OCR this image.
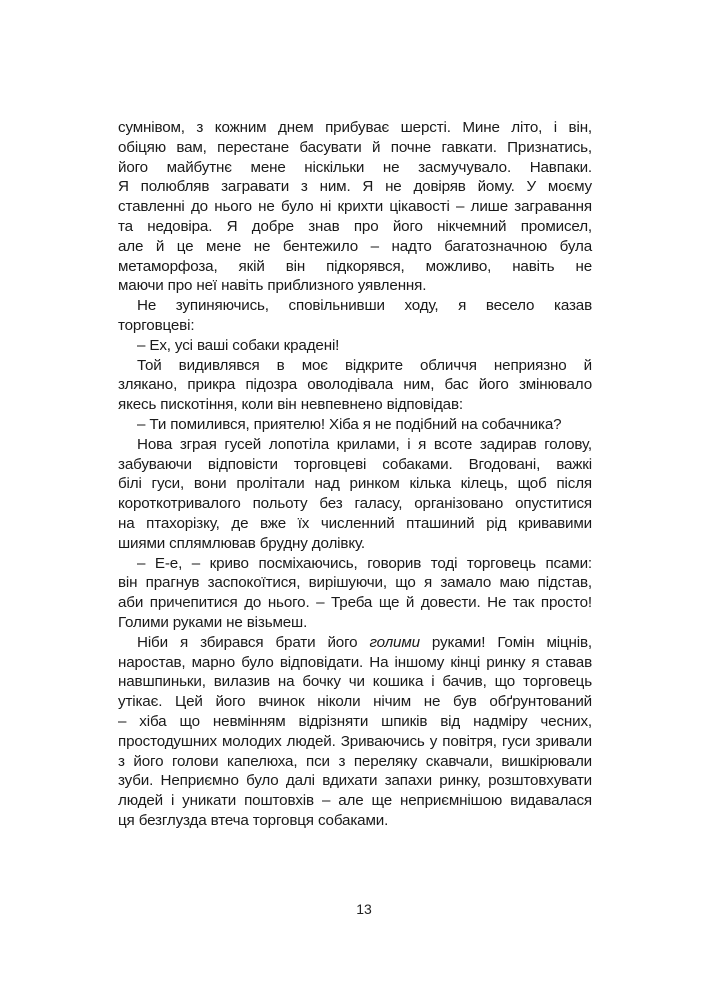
сумнівом, з кожним днем прибуває шерсті. Мине літо, і він,
обіцяю вам, перестане басувати й почне гавкати. Признатись,
його майбутнє мене ніскільки не засмучувало. Навпаки.
Я полюбляв загравати з ним. Я не довіряв йому. У моєму
ставленні до нього не було ні крихти цікавості – лише загравання
та недовіра. Я добре знав про його нікчемний промисел,
але й це мене не бентежило – надто багатозначною була
метаморфоза, якій він підкорявся, можливо, навіть не
маючи про неї навіть приблизного уявлення.
Не зупиняючись, сповільнивши ходу, я весело казав
торговцеві:
– Ех, усі ваші собаки крадені!
Той видивлявся в моє відкрите обличчя неприязно й
злякано, прикра підозра оволодівала ним, бас його змінювало
якесь пискотіння, коли він невпевнено відповідав:
– Ти помилився, приятелю! Хіба я не подібний на собачника?
Нова зграя гусей лопотіла крилами, і я всоте задирав голову,
забуваючи відповісти торговцеві собаками. Вгодовані, важкі
білі гуси, вони пролітали над ринком кілька кілець, щоб після
короткотривалого польоту без галасу, організовано опуститися
на птахорізку, де вже їх численний пташиний рід кривавими
шиями сплямлював брудну долівку.
– Е-е, – криво посміхаючись, говорив тоді торговець псами:
він прагнув заспокоїтися, вирішуючи, що я замало маю підстав,
аби причепитися до нього. – Треба ще й довести. Не так просто!
Голими руками не візьмеш.
Ніби я збирався брати його голими руками! Гомін міцнів,
наростав, марно було відповідати. На іншому кінці ринку я ставав
навшпиньки, вилазив на бочку чи кошика і бачив, що торговець
утікає. Цей його вчинок ніколи нічим не був обґрунтований
– хіба що невмінням відрізняти шпиків від надміру чесних,
простодушних молодих людей. Зриваючись у повітря, гуси зривали
з його голови капелюха, пси з переляку скавчали, вишкірювали
зуби. Неприємно було далі вдихати запахи ринку, розштовхувати
людей і уникати поштовхів – але ще неприємнішою видавалася
ця безглузда втеча торговця собаками.
13
